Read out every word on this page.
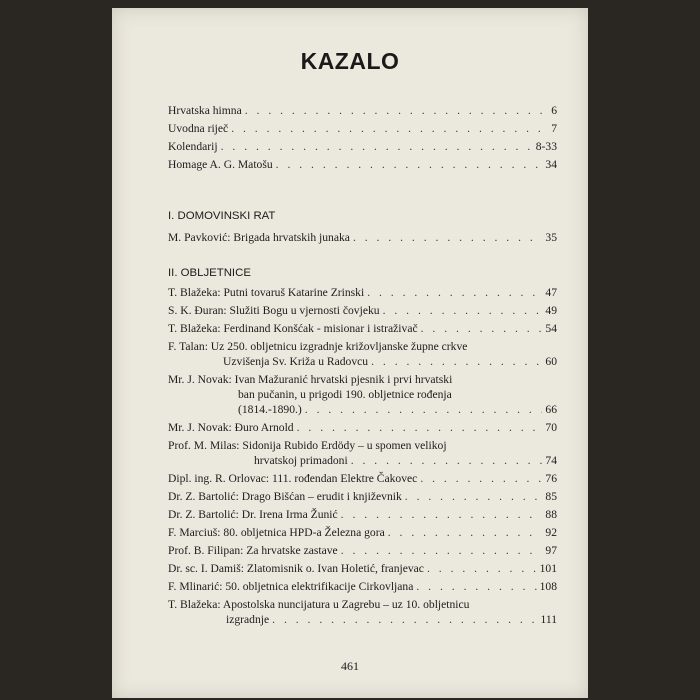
KAZALO
Hrvatska himna . . .	6
Uvodna riječ . . .	7
Kolendarij . . .	8-33
Homage A. G. Matošu . . .	34
I. DOMOVINSKI RAT
M. Pavković: Brigada hrvatskih junaka . . .	35
II. OBLJETNICE
T. Blažeka: Putni tovaruš Katarine Zrinski . . .	47
S. K. Đuran: Služiti Bogu u vjernosti čovjeku . . .	49
T. Blažeka: Ferdinand Konšćak - misionar i istraživač . . .	54
F. Talan: Uz 250. obljetnicu izgradnje križovljanske župne crkve
Uzvišenja Sv. Križa u Radovcu . . .	60
Mr. J. Novak: Ivan Mažuranić hrvatski pjesnik i prvi hrvatski
ban pučanin, u prigodi 190. obljetnice rođenja
(1814.-1890.) . . .	66
Mr. J. Novak: Đuro Arnold . . .	70
Prof. M. Milas: Sidonija Rubido Erdödy – u spomen velikoj
hrvatskoj primadoni . . .	74
Dipl. ing. R. Orlovac: 111. rođendan Elektre Čakovec . . .	76
Dr. Z. Bartolić: Drago Bišćan – erudit i književnik . . .	85
Dr. Z. Bartolić: Dr. Irena Irma Žunić . . .	88
F. Marciuš: 80. obljetnica HPD-a Železna gora . . .	92
Prof. B. Filipan: Za hrvatske zastave . . .	97
Dr. sc. I. Damiš: Zlatomisnik o. Ivan Holetić, franjevac . . .	101
F. Mlinarić: 50. obljetnica elektrifikacije Cirkovljana . . .	108
T. Blažeka: Apostolska nuncijatura u Zagrebu – uz 10. obljetnicu
izgradnje . . .	111
461
